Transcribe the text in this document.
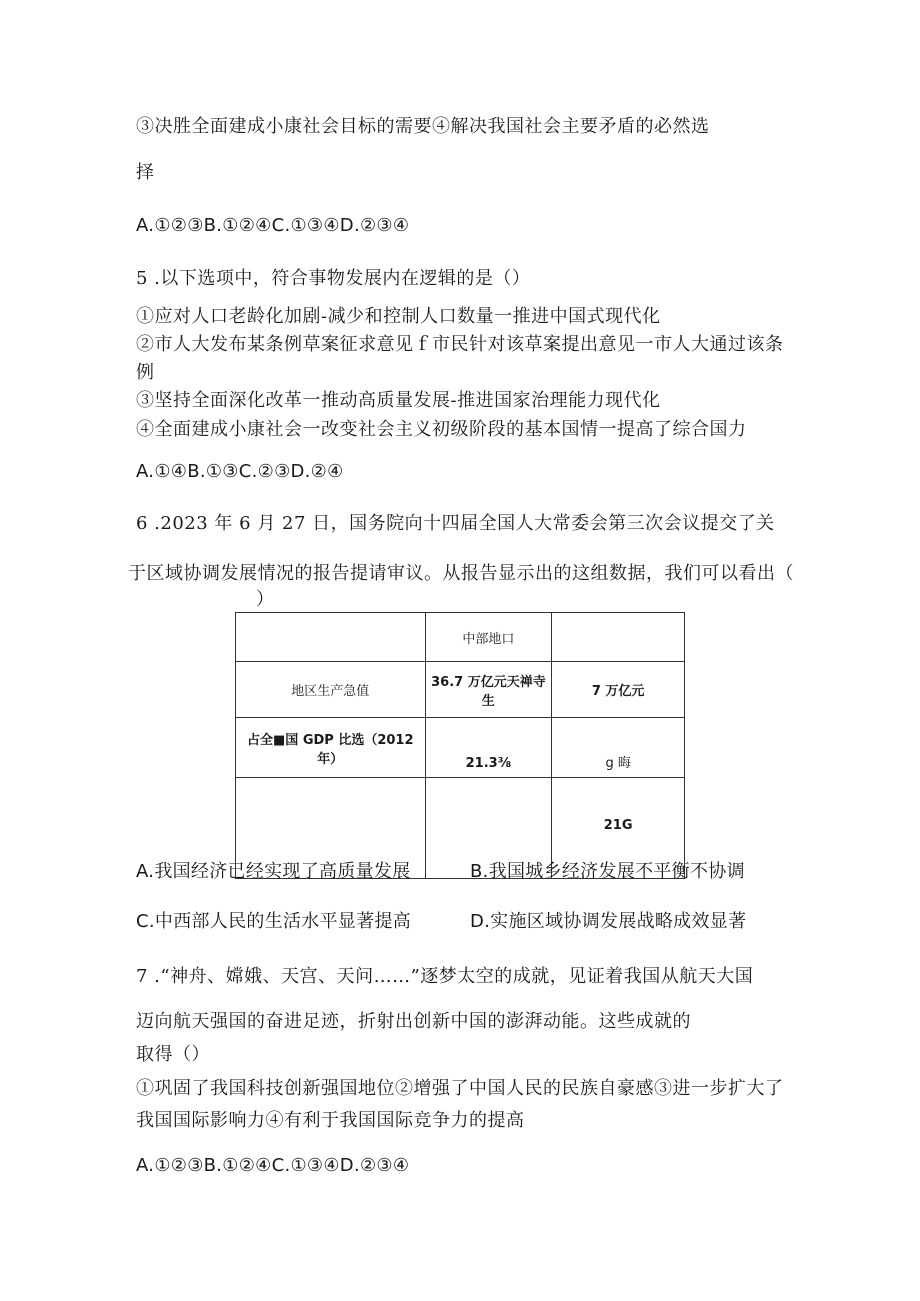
③决胜全面建成小康社会目标的需要④解决我国社会主要矛盾的必然选
择
A.①②③B.①②④C.①③④D.②③④
5 .以下选项中，符合事物发展内在逻辑的是（）
①应对人口老龄化加剧-减少和控制人口数量一推进中国式现代化
②市人大发布某条例草案征求意见ｆ市民针对该草案提出意见一市人大通过该条
例
③坚持全面深化改革一推动高质量发展-推进国家治理能力现代化
④全面建成小康社会一改变社会主义初级阶段的基本国情一提高了综合国力
A.①④B.①③C.②③D.②④
6 .2023 年 6 月 27 日，国务院向十四届全国人大常委会第三次会议提交了关
于区域协调发展情况的报告提请审议。从报告显示出的这组数据，我们可以看出（
）
	中部地口	
地区生产急值	36.7 万亿元天禅寺生	7 万亿元
占全■国 GDP 比选（2012 年）	21.3⅜	g 晦
		21G
A.我国经济已经实现了高质量发展	B.我国城乡经济发展不平衡不协调
C.中西部人民的生活水平显著提高	D.实施区域协调发展战略成效显著
7 .“神舟、嫦娥、天宫、天问……”逐梦太空的成就，见证着我国从航天大国
迈向航天强国的奋进足迹，折射出创新中国的澎湃动能。这些成就的
取得（）
①巩固了我国科技创新强国地位②增强了中国人民的民族自豪感③进一步扩大了
我国国际影响力④有利于我国国际竞争力的提高
A.①②③B.①②④C.①③④D.②③④
